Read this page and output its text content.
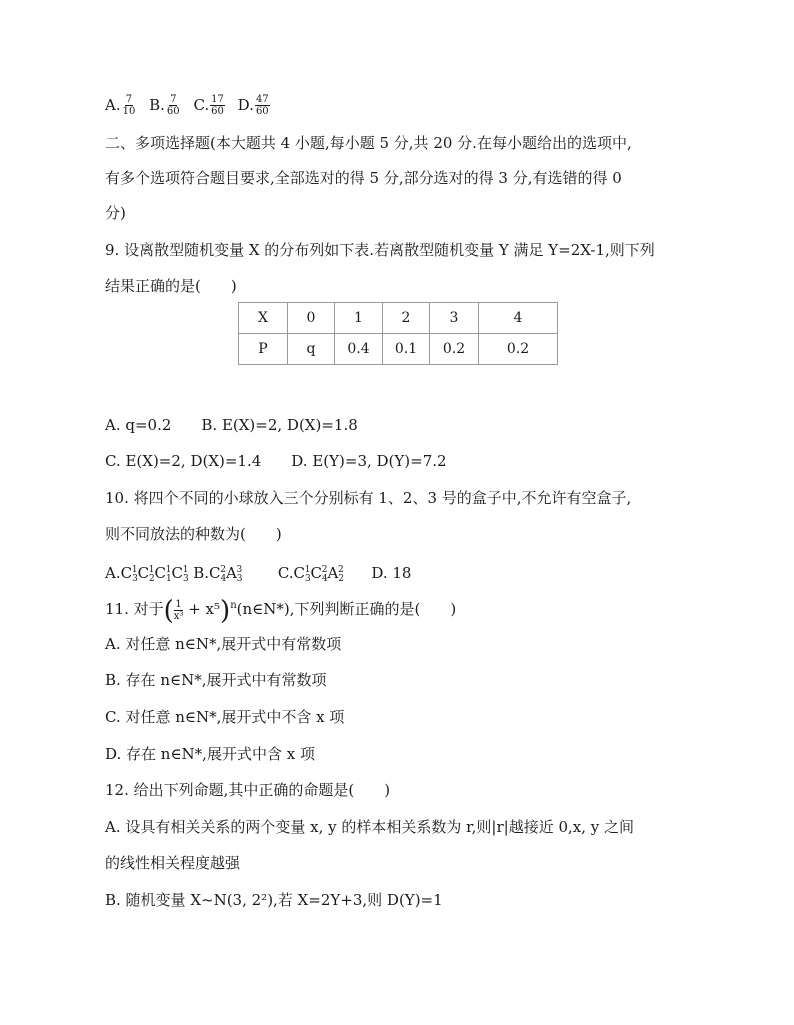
A. $\frac{7}{10} B$. $\frac{7}{60} C$. $\frac{17}{60} D$. $\frac{47}{60}$
二、多项选择题(本大题共 4 小题,每小题 5 分,共 20 分.在每小题给出的选项中,
有多个选项符合题目要求,全部选对的得 5 分,部分选对的得 3 分,有选错的得 0
分)
9. 设离散型随机变量 X 的分布列如下表.若离散型随机变量 Y 满足 Y=2X-1,则下列
结果正确的是(　　)
X	0	1	2	3	4
P	q	0.4	0.1	0.2	0.2
A. q=0.2　　B. E(X)=2, D(X)=1.8
C. E(X)=2, D(X)=1.4　　D. E(Y)=3, D(Y)=7.2
10. 将四个不同的小球放入三个分别标有 1、2、3 号的盒子中,不允许有空盒子,
则不同放法的种数为(　　)
$A.C_3^1C_2^1C_1^1C_3^1$ $B.C_4^2A_3^3$ $C.C_3^1C_4^2A_2^2$ D. 18
11. 对于( $\frac{1}{\text{x³}}$ + x⁵)$^n$(n∈N*),下列判断正确的是(　　)
A. 对任意 n∈N*,展开式中有常数项
B. 存在 n∈N*,展开式中有常数项
C. 对任意 n∈N*,展开式中不含 x 项
D. 存在 n∈N*,展开式中含 x 项
12. 给出下列命题,其中正确的命题是(　　)
A. 设具有相关关系的两个变量 x, y 的样本相关系数为 r,则|r|越接近 0,x, y 之间
的线性相关程度越强
B. 随机变量 X~N(3, 2²),若 X=2Y+3,则 D(Y)=1
